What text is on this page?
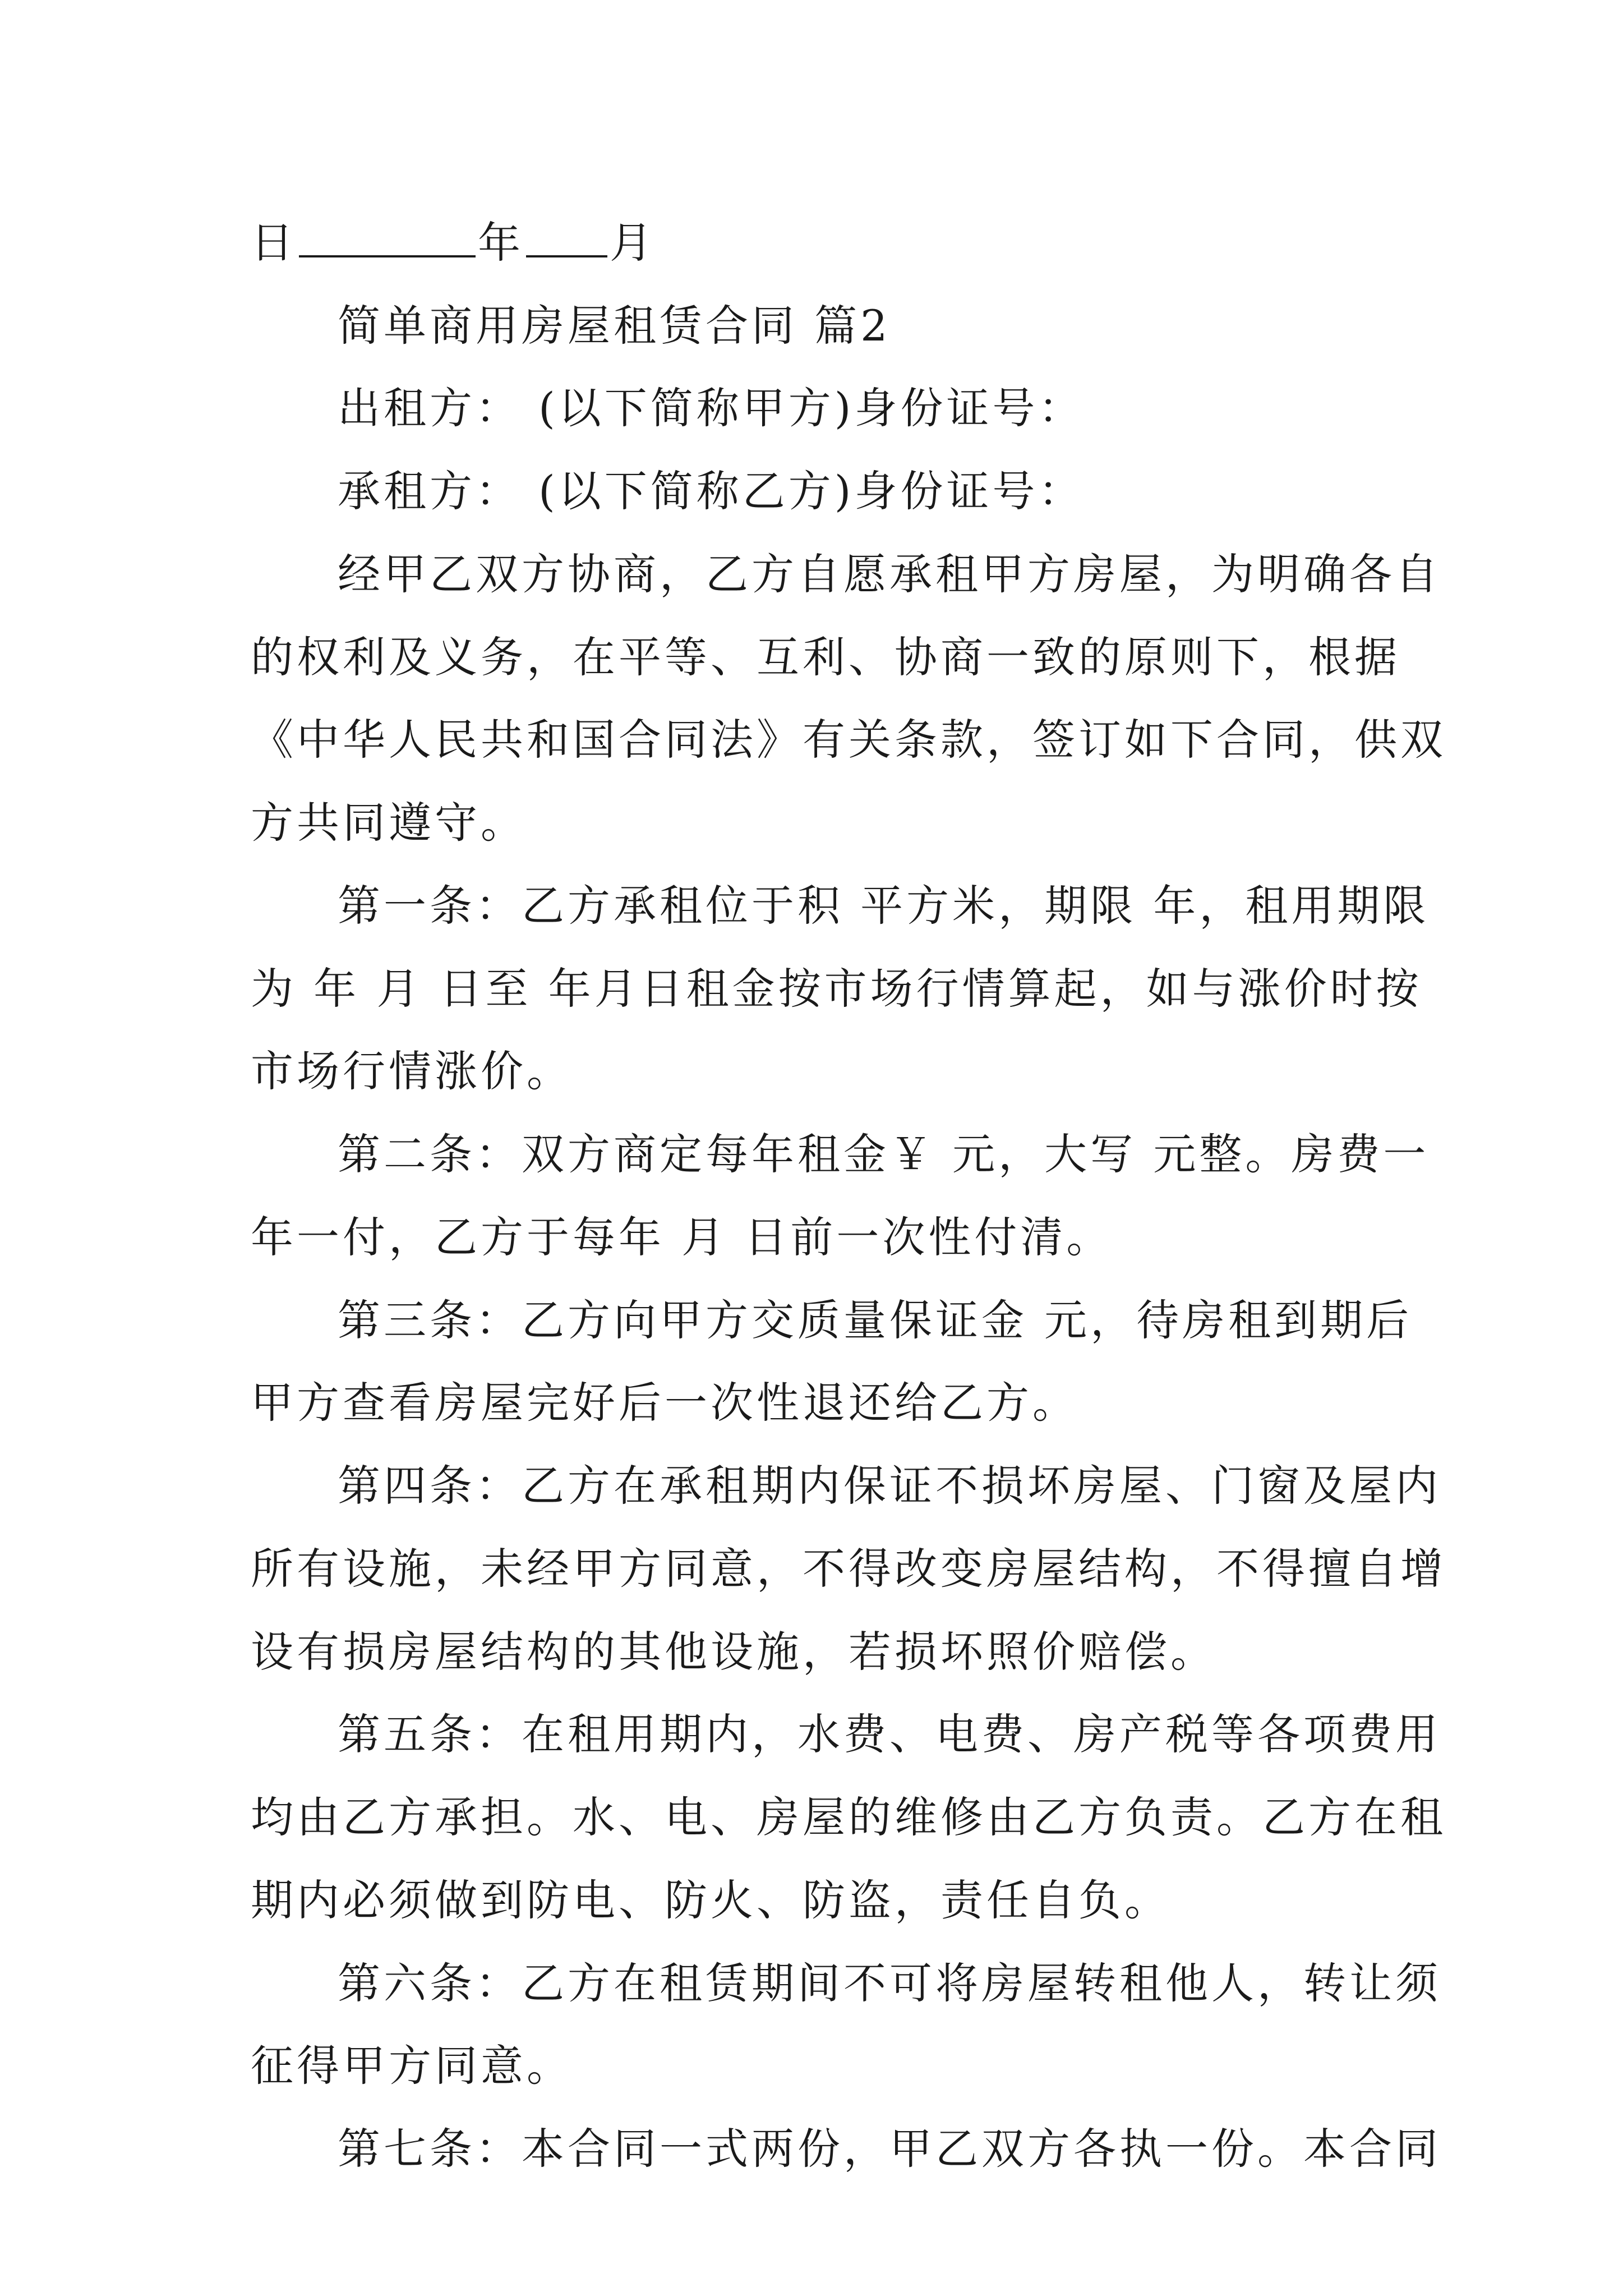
日	年 月
简单商用房屋租赁合同 篇2
出租方： (以下简称甲方)身份证号：
承租方： (以下简称乙方)身份证号：
经甲乙双方协商，乙方自愿承租甲方房屋，为明确各自
的权利及义务，在平等、互利、协商一致的原则下，根据
《中华人民共和国合同法》有关条款，签订如下合同，供双
方共同遵守。
第一条：乙方承租位于积 平方米，期限 年，租用期限
为 年 月 日至 年月日租金按市场行情算起，如与涨价时按
市场行情涨价。
第二条：双方商定每年租金￥ 元，大写 元整。房费一
年一付，乙方于每年 月 日前一次性付清。
第三条：乙方向甲方交质量保证金 元，待房租到期后
甲方查看房屋完好后一次性退还给乙方。
第四条：乙方在承租期内保证不损坏房屋、门窗及屋内
所有设施，未经甲方同意，不得改变房屋结构，不得擅自增
设有损房屋结构的其他设施，若损坏照价赔偿。
第五条：在租用期内，水费、电费、房产税等各项费用
均由乙方承担。水、电、房屋的维修由乙方负责。乙方在租
期内必须做到防电、防火、防盗，责任自负。
第六条：乙方在租赁期间不可将房屋转租他人，转让须
征得甲方同意。
第七条：本合同一式两份，甲乙双方各执一份。本合同
